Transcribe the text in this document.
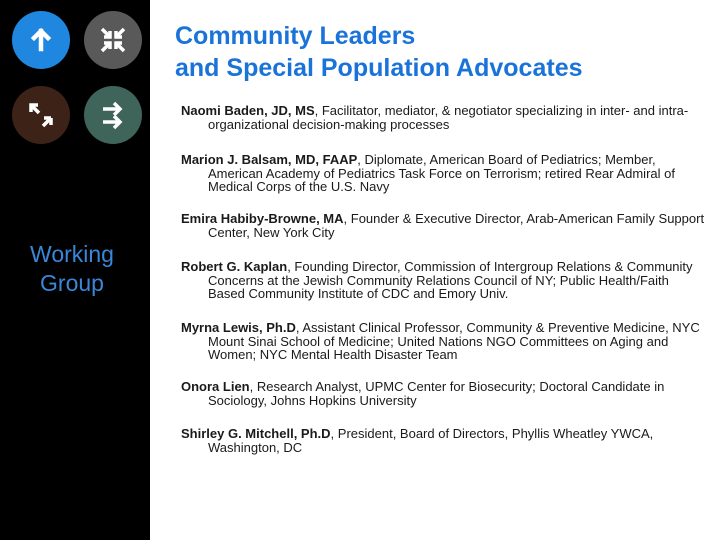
Working
Group
Community Leaders
and Special Population Advocates
Naomi Baden, JD, MS, Facilitator, mediator, & negotiator specializing in inter- and intra-organizational decision-making processes
Marion J. Balsam, MD, FAAP, Diplomate, American Board of Pediatrics; Member, American Academy of Pediatrics Task Force on Terrorism; retired Rear Admiral of Medical Corps of the U.S. Navy
Emira Habiby-Browne, MA, Founder & Executive Director, Arab-American Family Support Center, New York City
Robert G. Kaplan, Founding Director, Commission of Intergroup Relations & Community Concerns at the Jewish Community Relations Council of NY; Public Health/Faith Based Community Institute of CDC and Emory Univ.
Myrna Lewis, Ph.D, Assistant Clinical Professor, Community & Preventive Medicine, NYC Mount Sinai School of Medicine; United Nations NGO Committees on Aging and Women; NYC Mental Health Disaster Team
Onora Lien, Research Analyst, UPMC Center for Biosecurity; Doctoral Candidate in Sociology, Johns Hopkins University
Shirley G. Mitchell, Ph.D, President, Board of Directors, Phyllis Wheatley YWCA, Washington, DC
